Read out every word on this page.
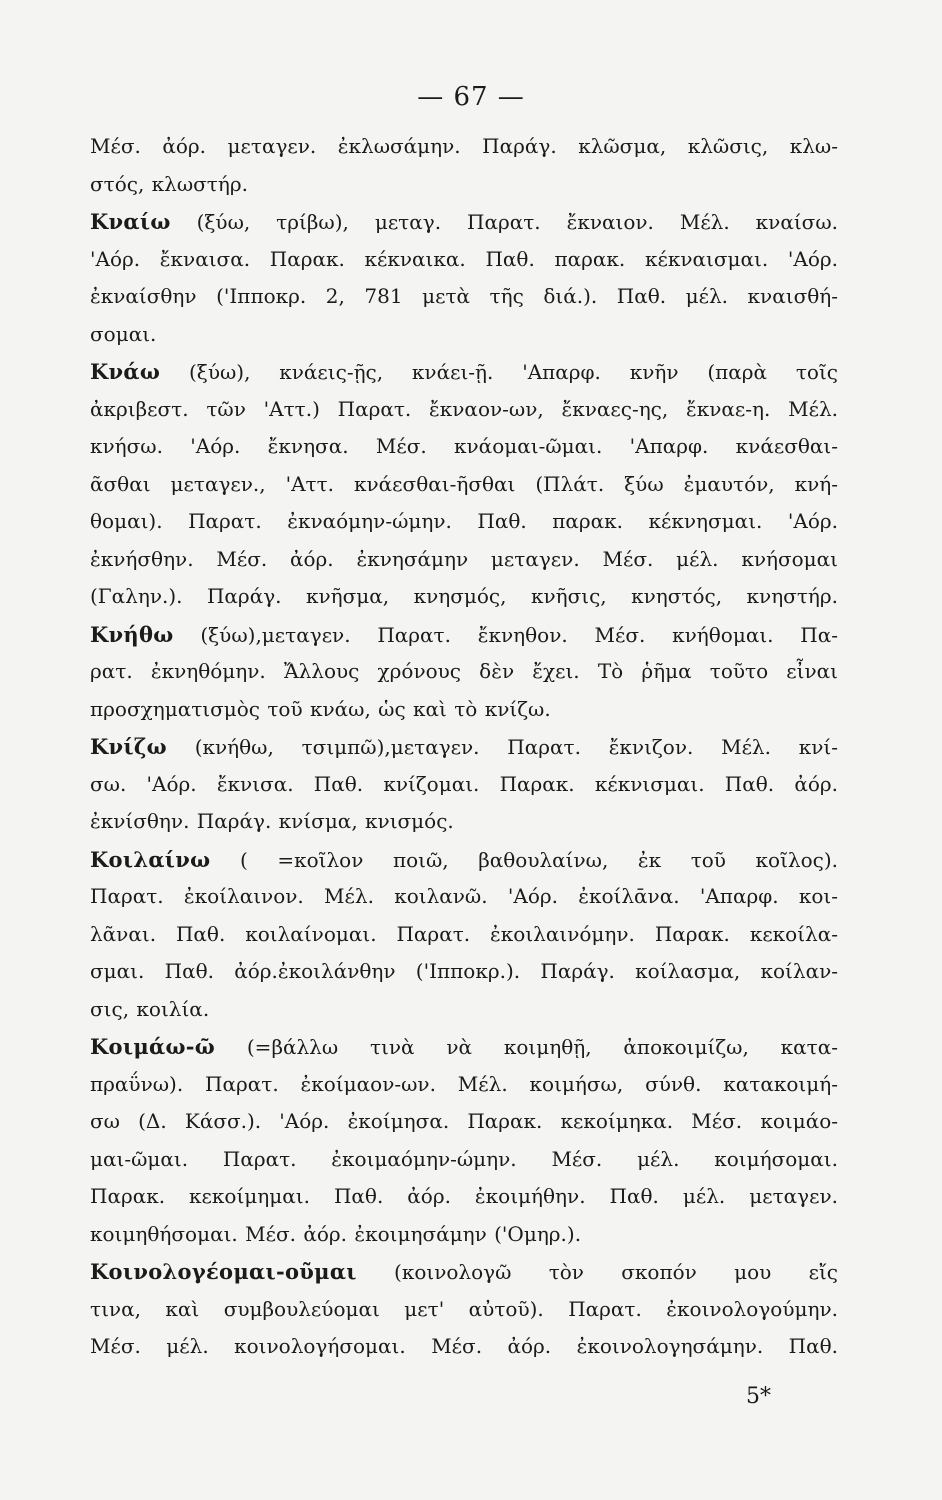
— 67 —
Μέσ. ἀόρ. μεταγεν. ἐκλωσάμην. Παράγ. κλῶσμα, κλῶσις, κλω-
στός, κλωστήρ.
Κναίω (ξύω, τρίβω), μεταγ. Παρατ. ἔκναιον. Μέλ. κναίσω.
'Αόρ. ἔκναισα. Παρακ. κέκναικα. Παθ. παρακ. κέκναισμαι. 'Αόρ.
ἐκναίσθην ('Ιπποκρ. 2, 781 μετὰ τῆς διά.). Παθ. μέλ. κναισθή-
σομαι.
Κνάω (ξύω), κνάεις-ῇς, κνάει-ῇ. 'Απαρφ. κνῆν (παρὰ τοῖς
ἀκριβεστ. τῶν 'Αττ.) Παρατ. ἔκναον-ων, ἔκναες-ης, ἔκναε-η. Μέλ.
κνήσω. 'Αόρ. ἔκνησα. Μέσ. κνάομαι-ῶμαι. 'Απαρφ. κνάεσθαι-
ᾶσθαι μεταγεν., 'Αττ. κνάεσθαι-ῆσθαι (Πλάτ. ξύω ἐμαυτόν, κνή-
θομαι). Παρατ. ἐκναόμην-ώμην. Παθ. παρακ. κέκνησμαι. 'Αόρ.
ἐκνήσθην. Μέσ. ἀόρ. ἐκνησάμην μεταγεν. Μέσ. μέλ. κνήσομαι
(Γαλην.). Παράγ. κνῆσμα, κνησμός, κνῆσις, κνηστός, κνηστήρ.
Κνήθω (ξύω),μεταγεν. Παρατ. ἔκνηθον. Μέσ. κνήθομαι. Πα-
ρατ. ἐκνηθόμην. Ἄλλους χρόνους δὲν ἔχει. Τὸ ῥῆμα τοῦτο εἶναι
προσχηματισμὸς τοῦ κνάω, ὡς καὶ τὸ κνίζω.
Κνίζω (κνήθω, τσιμπῶ),μεταγεν. Παρατ. ἔκνιζον. Μέλ. κνί-
σω. 'Αόρ. ἔκνισα. Παθ. κνίζομαι. Παρακ. κέκνισμαι. Παθ. ἀόρ.
ἐκνίσθην. Παράγ. κνίσμα, κνισμός.
Κοιλαίνω ( =κοῖλον ποιῶ, βαθουλαίνω, ἐκ τοῦ κοῖλος).
Παρατ. ἐκοίλαινον. Μέλ. κοιλανῶ. 'Αόρ. ἐκοίλᾱνα. 'Απαρφ. κοι-
λᾶναι. Παθ. κοιλαίνομαι. Παρατ. ἐκοιλαινόμην. Παρακ. κεκοίλα-
σμαι. Παθ. ἀόρ.ἐκοιλάνθην ('Ιπποκρ.). Παράγ. κοίλασμα, κοίλαν-
σις, κοιλία.
Κοιμάω-ῶ (=βάλλω τινὰ νὰ κοιμηθῇ, ἀποκοιμίζω, κατα-
πραΰνω). Παρατ. ἐκοίμαον-ων. Μέλ. κοιμήσω, σύνθ. κατακοιμή-
σω (Δ. Κάσσ.). 'Αόρ. ἐκοίμησα. Παρακ. κεκοίμηκα. Μέσ. κοιμάο-
μαι-ῶμαι. Παρατ. ἐκοιμαόμην-ώμην. Μέσ. μέλ. κοιμήσομαι.
Παρακ. κεκοίμημαι. Παθ. ἀόρ. ἐκοιμήθην. Παθ. μέλ. μεταγεν.
κοιμηθήσομαι. Μέσ. ἀόρ. ἐκοιμησάμην ('Ομηρ.).
Κοινολογέομαι-οῦμαι (κοινολογῶ τὸν σκοπόν μου εἴς
τινα, καὶ συμβουλεύομαι μετ' αὐτοῦ). Παρατ. ἐκοινολογούμην.
Μέσ. μέλ. κοινολογήσομαι. Μέσ. ἀόρ. ἐκοινολογησάμην. Παθ.
5*
